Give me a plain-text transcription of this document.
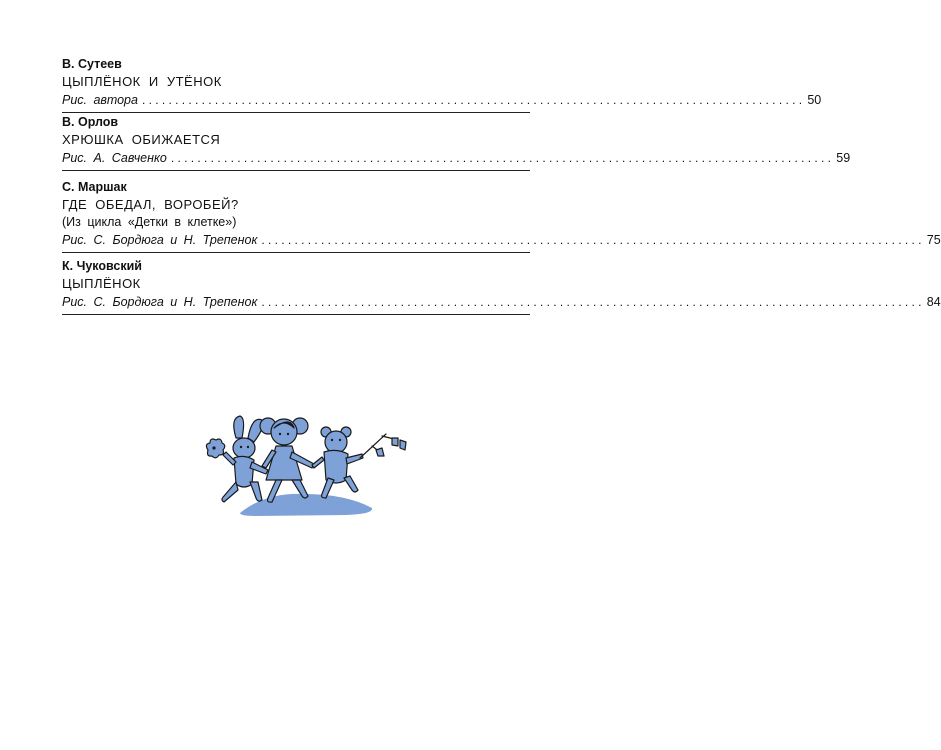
В. Сутеев
ЦЫПЛЁНОК И УТЁНОК
Рис. автора .................................................................................................... 50
В. Орлов
ХРЮШКА ОБИЖАЕТСЯ
Рис. А. Савченко .................................................................................................... 59
С. Маршак
ГДЕ ОБЕДАЛ, ВОРОБЕЙ?
(Из цикла «Детки в клетке»)
Рис. С. Бордюга и Н. Трепенок .................................................................................................... 75
К. Чуковский
ЦЫПЛЁНОК
Рис. С. Бордюга и Н. Трепенок .................................................................................................... 84
